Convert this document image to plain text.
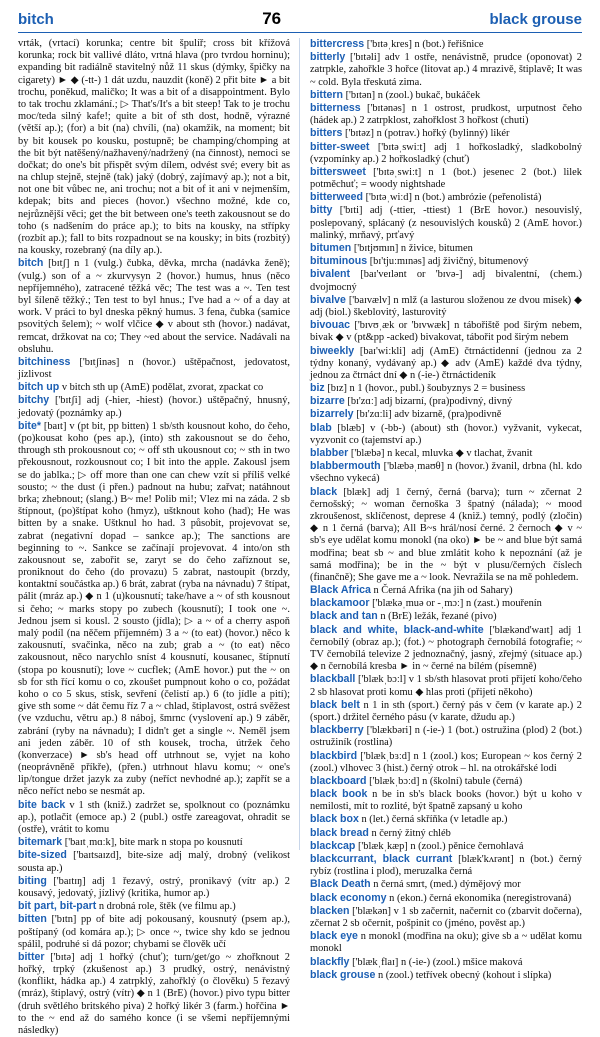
bitch	76	black grouse

vrták, (vrtací) korunka; centre bit špulíř; cross bit křížová korunka; rock bit vallivé dláto, vrtná hlava (pro tvrdou horninu); expanding bit radiálně stavitelný nůž 11 skus (dýmky, špičky na cigarety) ► ◆ (-tt-) 1 dát uzdu, nauzdit (koně) 2 přit bite ► a bit trochu, poněkud, maličko; It was a bit of a disappointment. Bylo to tak trochu zklamání.; ▷ That's/It's a bit steep! Tak to je trochu moc/teda silný kafe!; quite a bit of sth dost, hodně, výrazné (větší ap.); (for) a bit (na) chvíli, (na) okamžik, na moment; bit by bit kousek po kousku, postupně; be champing/chomping at the bit být natěšený/nažhavený/nadržený (na činnost), nemoci se dočkat; do one's bit přispět svým dílem, odvést své; every bit as na chlup stejně, stejně (tak) jaký (dobrý, zajímavý ap.); not a bit, not one bit vůbec ne, ani trochu; not a bit of it ani v nejmenším, kdepak; bits and pieces (hovor.) všechno možné, kde co, nejrůznější věci; get the bit between one's teeth zakousnout se do toho (s nadšením do práce ap.); to bits na kousky, na střípky (rozbít ap.); fall to bits rozpadnout se na kousky; in bits (rozbitý) na kousky, rozebraný (na díly ap.).

bitch [bɪtʃ] n 1 (vulg.) čubka, děvka, mrcha (nadávka ženě); (vulg.) son of a ~ zkurvysyn 2 (hovor.) humus, hnus (něco nepříjemného), zatracené těžká věc; The test was a ~. Ten test byl šíleně těžký.; Ten test to byl hnus.; I've had a ~ of a day at work. V práci to byl dneska pěkný humus. 3 fena, čubka (samice psovitých šelem); ~ wolf vlčice ◆ v about sth (hovor.) nadávat, remcat, držkovat na co; They ~ed about the service. Nadávali na obsluhu.

bitchiness ['bɪtʃinəs] n (hovor.) uštěpačnost, jedovatost, jízlivost

bitch up v bitch sth up (AmE) podělat, zvorat, zpackat co

bitchy ['bɪtʃi] adj (-hier, -hiest) (hovor.) uštěpačný, hnusný, jedovatý (poznámky ap.)

bite* [baɪt] v (pt bit, pp bitten) 1 sb/sth kousnout koho, do čeho, (po)kousat koho (pes ap.), (into) sth zakousnout se do čeho, through sth prokousnout co; ~ off sth ukousnout co; ~ sth in two překousnout, rozkousnout co; I bit into the apple. Zakousl jsem se do jablka.; ▷ off more than one can chew vzít si příliš velké sousto; ~ the dust (i přen.) padnout na hubu; zařvat; natáhnout brka; zhebnout; (slang.) B~ me! Polib mi!; Vlez mi na záda. 2 sb štípnout, (po)štípat koho (hmyz), uštknout koho (had); He was bitten by a snake. Uštknul ho had. 3 působit, projevovat se, zabrat (negativní dopad – sankce ap.); The sanctions are beginning to ~. Sankce se začínají projevovat. 4 into/on sth zakousnout se, zabořit se, zaryt se do čeho zaříznout se, proniknout do čeho (do provazu) 5 zabrat, nastoupit (brzdy, kontaktní součástka ap.) 6 brát, zabrat (ryba na návnadu) 7 štípat, pálit (mráz ap.) ◆ n 1 (u)kousnutí; take/have a ~ of sth kousnout si čeho; ~ marks stopy po zubech (kousnutí); I took one ~. Jednou jsem si kousl. 2 sousto (jídla); ▷ a ~ of a cherry aspoň malý podíl (na něčem příjemném) 3 a ~ (to eat) (hovor.) něco k zakousnutí, svačinka, něco na zub; grab a ~ (to eat) něco zakousnout, něco narychlo sníst 4 kousnutí, kousanec, štípnutí (stopa po kousnutí); love ~ cucflek; (AmE hovor.) put the ~ on sb for sth řící komu o co, zkoušet pumpnout koho o co, požádat koho o co 5 skus, stisk, sevření (čelistí ap.) 6 (to jídle a pití); give sth some ~ dát čemu říz 7 a ~ chlad, štiplavost, ostrá svěžest (ve vzduchu, větru ap.) 8 náboj, šmrnc (vyslovení ap.) 9 záběr, zabrání (ryby na návnadu); I didn't get a single ~. Neměl jsem ani jeden záběr. 10 of sth kousek, trocha, útržek čeho (konverzace) ► sb's head off utrhnout se, vyjet na koho (neoprávněně příkře), (přen.) utrhnout hlavu komu; ~ one's lip/tongue držet jazyk za zuby (neříct nevhodné ap.); zapřít se a něco neříct nebo se nesmát ap.

bite back v 1 sth (kniž.) zadržet se, spolknout co (poznámku ap.), potlačit (emoce ap.) 2 (publ.) ostře zareagovat, ohradit se (ostře), vrátit to komu

bitemark ['baɪtˌmɑːk], bite mark n stopa po kousnutí

bite-sized ['baɪtsaɪzd], bite-size adj malý, drobný (velikost sousta ap.)

biting ['baɪtɪŋ] adj 1 řezavý, ostrý, pronikavý (vítr ap.) 2 kousavý, jedovatý, jízlivý (kritika, humor ap.)

bit part, bit-part n drobná role, štěk (ve filmu ap.)

bitten ['bɪtn] pp of bite adj pokousaný, kousnutý (psem ap.), poštípaný (od komára ap.); ▷ once ~, twice shy kdo se jednou spálil, podruhé si dá pozor; chybami se člověk učí

bitter ['bɪtə] adj 1 hořký (chuť); turn/get/go ~ zhořknout 2 hořký, trpký (zkušenost ap.) 3 prudký, ostrý, nenávistný (konflikt, hádka ap.) 4 zatrpklý, zahořklý (o člověku) 5 řezavý (mráz), štiplavý, ostrý (vítr) ◆ n 1 (BrE) (hovor.) pivo typu bitter (druh světlého britského piva) 2 hořký likér 3 (farm.) hořčina ► to the ~ end až do samého konce (i se všemi nepříjemnými následky)

bittercress ['bɪtəˌkres] n (bot.) řeřišnice

bitterly ['bɪtəli] adv 1 ostře, nenávistně, prudce (oponovat) 2 zatrpkle, zahořkle 3 hořce (litovat ap.) 4 mrazivě, štiplavě; It was ~ cold. Byla třeskutá zima.

bittern ['bɪtən] n (zool.) bukač, bukáček

bitterness ['bɪtənəs] n 1 ostrost, prudkost, urputnost čeho (hádek ap.) 2 zatrpklost, zahořklost 3 hořkost (chuti)

bitters ['bɪtəz] n (potrav.) hořký (bylinný) likér

bitter-sweet ['bɪtəˌswiːt] adj 1 hořkosladký, sladkobolný (vzpomínky ap.) 2 hořkosladký (chuť)

bittersweet ['bɪtəˌswiːt] n 1 (bot.) jesenec 2 (bot.) lilek potměchuť; = woody nightshade

bitterweed ['bɪtəˌwiːd] n (bot.) ambrózie (peřenolistá)

bitty ['bɪti] adj (-ttier, -ttiest) 1 (BrE hovor.) nesouvislý, poslepovaný, splácaný (z nesouvislých kousků) 2 (AmE hovor.) malinký, mrňavý, prťavý

bitumen ['bɪtjʊmɪn] n živice, bitumen

bituminous [bɪ'tjuːmɪnəs] adj živičný, bitumenový

bivalent [baɪ'veɪlənt or 'bɪvə-] adj bivalentní, (chem.) dvojmocný

bivalve ['baɪvælv] n mlž (a lasturou složenou ze dvou misek) ◆ adj (biol.) škeblovitý, lasturovitý

bivouac ['bɪvʊˌæk or 'bɪvwæk] n tábořiště pod širým nebem, bivak ◆ v (pt&pp -acked) bivakovat, tábořit pod širým nebem

biweekly [baɪ'wiːkli] adj (AmE) čtrnáctidenní (jednou za 2 týdny konaný, vydávaný ap.) ◆ adv (AmE) každé dva týdny, jednou za čtrnáct dní ◆ n (-ie-) čtrnáctideník

biz [bɪz] n 1 (hovor., publ.) šoubyznys 2 = business

bizarre [bɪ'zɑː] adj bizarní, (pra)podivný, divný

bizarrely [bɪ'zɑːli] adv bizarně, (pra)podivně

blab [blæb] v (-bb-) (about) sth (hovor.) vyžvanit, vykecat, vyzvonit co (tajemství ap.)

blabber ['blæbə] n kecal, mluvka ◆ v tlachat, žvanit

blabbermouth ['blæbəˌmaʊθ] n (hovor.) žvanil, drbna (hl. kdo všechno vykecá)

black [blæk] adj 1 černý, černá (barva); turn ~ zčernat 2 černošský; ~ woman černoška 3 špatný (nálada); ~ mood zkroušenost, sklíčenost, depresе 4 (kniž.) temný, podlý (zločin) ◆ n 1 černá (barva); All B~s hrál/nosí černé. 2 černoch ◆ v ~ sb's eye udělat komu monokl (na oko) ► be ~ and blue být samá modřina; beat sb ~ and blue zmlátit koho k nepoznání (až je samá modřina); be in the ~ být v plusu/černých číslech (finančně); She gave me a ~ look. Nevražila se na mě pohledem.

Black Africa n Černá Afrika (na jih od Sahary)

blackamoor ['blækəˌmuə or -ˌmɔː] n (zast.) mouřenín

black and tan n (BrE) ležák, řezané (pivo)

black and white, black-and-white ['blækənd'waɪt] adj 1 černobílý (obraz ap.); (fot.) ~ photograph černobílá fotografie; ~ TV černobílá televize 2 jednoznačný, jasný, zřejmý (situace ap.) ◆ n černobílá kresba ► in ~ černé na bílém (písemně)

blackball ['blækˌbɔːl] v 1 sb/sth hlasovat proti přijetí koho/čeho 2 sb hlasovat proti komu ◆ hlas proti (přijetí někoho)

black belt n 1 in sth (sport.) černý pás v čem (v karate ap.) 2 (sport.) držitel černého pásu (v karate, džudu ap.)

blackberry ['blækbəri] n (-ie-) 1 (bot.) ostružina (plod) 2 (bot.) ostružiník (rostlina)

blackbird ['blækˌbɜːd] n 1 (zool.) kos; European ~ kos černý 2 (zool.) vlhovec 3 (hist.) černý otrok – hl. na otrokářské lodi

blackboard ['blækˌbɔːd] n (školní) tabule (černá)

black book n be in sb's black books (hovor.) být u koho v nemilosti, mít to rozlité, být špatně zapsaný u koho

black box n (let.) černá skříňka (v letadle ap.)

black bread n černý žitný chléb

blackcap ['blækˌkæp] n (zool.) pěnice černohlavá

blackcurrant, black currant [blæk'kʌrənt] n (bot.) černý rybíz (rostlina i plod), meruzalka černá

Black Death n černá smrt, (med.) dýmějový mor

black economy n (ekon.) černá ekonomika (neregistrovaná)

blacken ['blækən] v 1 sb začernit, načernit co (zbarvit dočerna), zčernat 2 sb očernit, pošpinit co (jméno, pověst ap.)

black eye n monokl (modřina na oku); give sb a ~ udělat komu monokl

blackfly ['blækˌflaɪ] n (-ie-) (zool.) mšice maková

black grouse n (zool.) tetřívek obecný (kohout i slípka)
